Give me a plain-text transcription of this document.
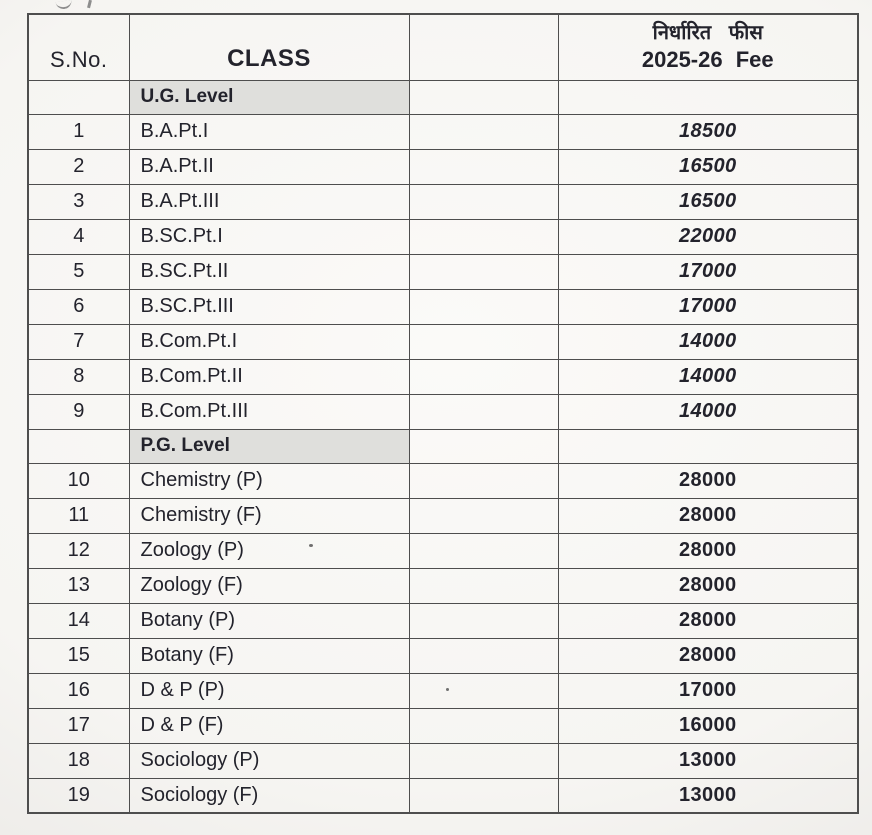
S.No.	CLASS		निर्धारित फीस
2025-26 Fee

	U.G. Level		
1	B.A.Pt.I		18500
2	B.A.Pt.II		16500
3	B.A.Pt.III		16500
4	B.SC.Pt.I		22000
5	B.SC.Pt.II		17000
6	B.SC.Pt.III		17000
7	B.Com.Pt.I		14000
8	B.Com.Pt.II		14000
9	B.Com.Pt.III		14000
	P.G. Level		
10	Chemistry (P)		28000
11	Chemistry (F)		28000
12	Zoology (P)		28000
13	Zoology (F)		28000
14	Botany (P)		28000
15	Botany (F)		28000
16	D & P (P)		17000
17	D & P (F)		16000
18	Sociology (P)		13000
19	Sociology (F)		13000
